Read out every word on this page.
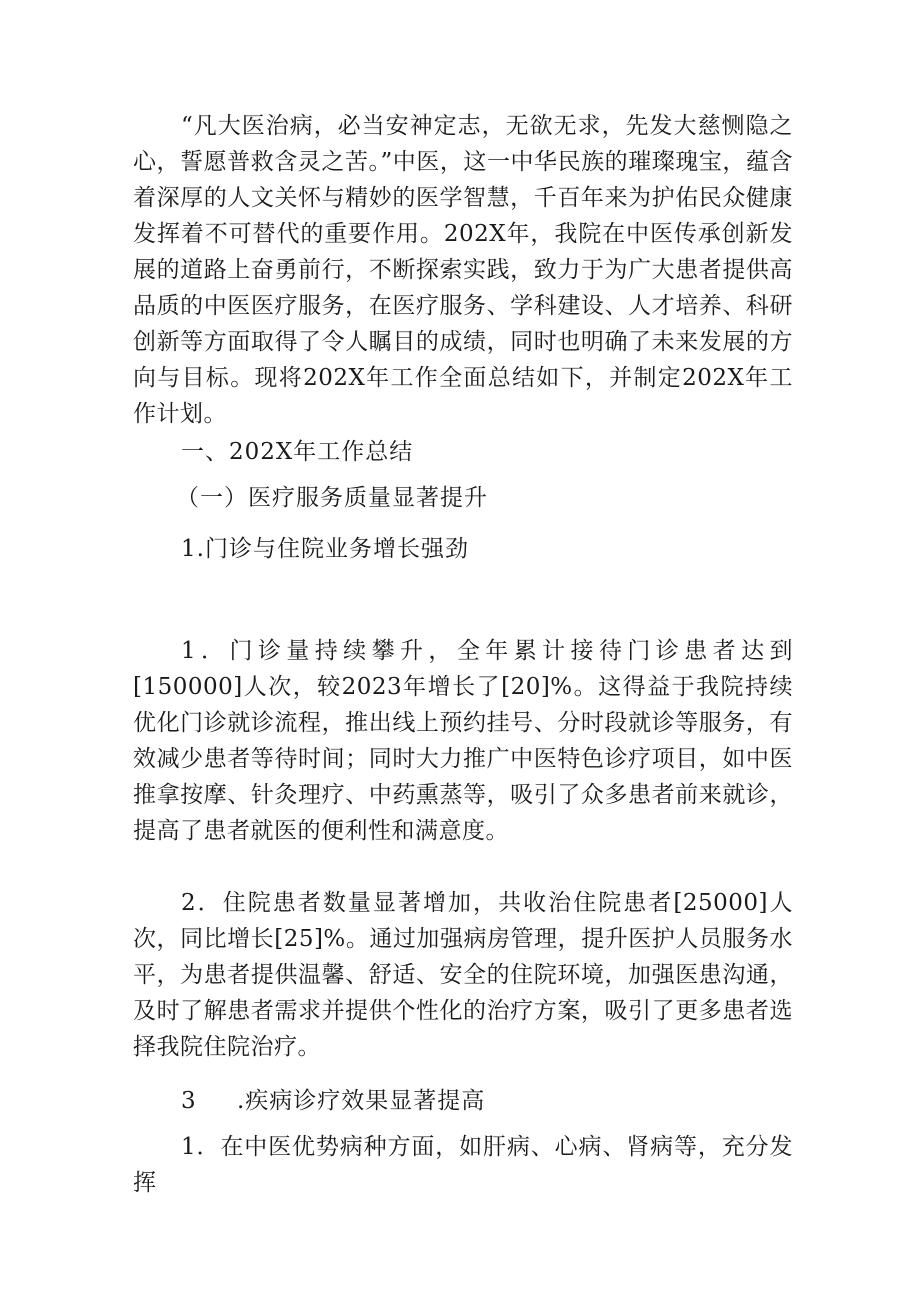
“凡大医治病，必当安神定志，无欲无求，先发大慈恻隐之心，誓愿普救含灵之苦。”中医，这一中华民族的璀璨瑰宝，蕴含着深厚的人文关怀与精妙的医学智慧，千百年来为护佑民众健康发挥着不可替代的重要作用。202X年，我院在中医传承创新发展的道路上奋勇前行，不断探索实践，致力于为广大患者提供高品质的中医医疗服务，在医疗服务、学科建设、人才培养、科研创新等方面取得了令人瞩目的成绩，同时也明确了未来发展的方向与目标。现将202X年工作全面总结如下，并制定202X年工作计划。

一、202X年工作总结

（一）医疗服务质量显著提升

1.门诊与住院业务增长强劲

1．门诊量持续攀升，全年累计接待门诊患者达到[150000]人次，较2023年增长了[20]%。这得益于我院持续优化门诊就诊流程，推出线上预约挂号、分时段就诊等服务，有效减少患者等待时间；同时大力推广中医特色诊疗项目，如中医推拿按摩、针灸理疗、中药熏蒸等，吸引了众多患者前来就诊，提高了患者就医的便利性和满意度。

2．住院患者数量显著增加，共收治住院患者[25000]人次，同比增长[25]%。通过加强病房管理，提升医护人员服务水平，为患者提供温馨、舒适、安全的住院环境，加强医患沟通，及时了解患者需求并提供个性化的治疗方案，吸引了更多患者选择我院住院治疗。

3 .疾病诊疗效果显著提高

1．在中医优势病种方面，如肝病、心病、肾病等，充分发挥
